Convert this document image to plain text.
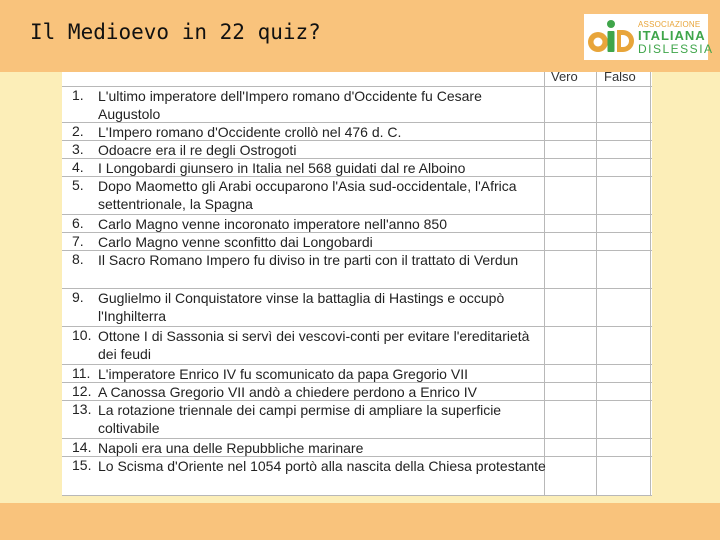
Il Medioevo in 22 quiz?	ASSOCIAZIONE
ITALIANA
DISLESSIA
Vero Falso
1. L'ultimo imperatore dell'Impero romano d'Occidente fu Cesare Augustolo
2. L'Impero romano d'Occidente crollò nel 476 d. C.
3. Odoacre era il re degli Ostrogoti
4. I Longobardi giunsero in Italia nel 568 guidati dal re Alboino
5. Dopo Maometto gli Arabi occuparono l'Asia sud-occidentale, l'Africa settentrionale, la Spagna
6. Carlo Magno venne incoronato imperatore nell'anno 850
7. Carlo Magno venne sconfitto dai Longobardi
8. Il Sacro Romano Impero fu diviso in tre parti con il trattato di Verdun
9. Guglielmo il Conquistatore vinse la battaglia di Hastings e occupò l'Inghilterra
10. Ottone I di Sassonia si servì dei vescovi-conti per evitare l'ereditarietà dei feudi
11. L'imperatore Enrico IV fu scomunicato da papa Gregorio VII
12. A Canossa Gregorio VII andò a chiedere perdono a Enrico IV
13. La rotazione triennale dei campi permise di ampliare la superficie coltivabile
14. Napoli era una delle Repubbliche marinare
15. Lo Scisma d'Oriente nel 1054 portò alla nascita della Chiesa protestante
